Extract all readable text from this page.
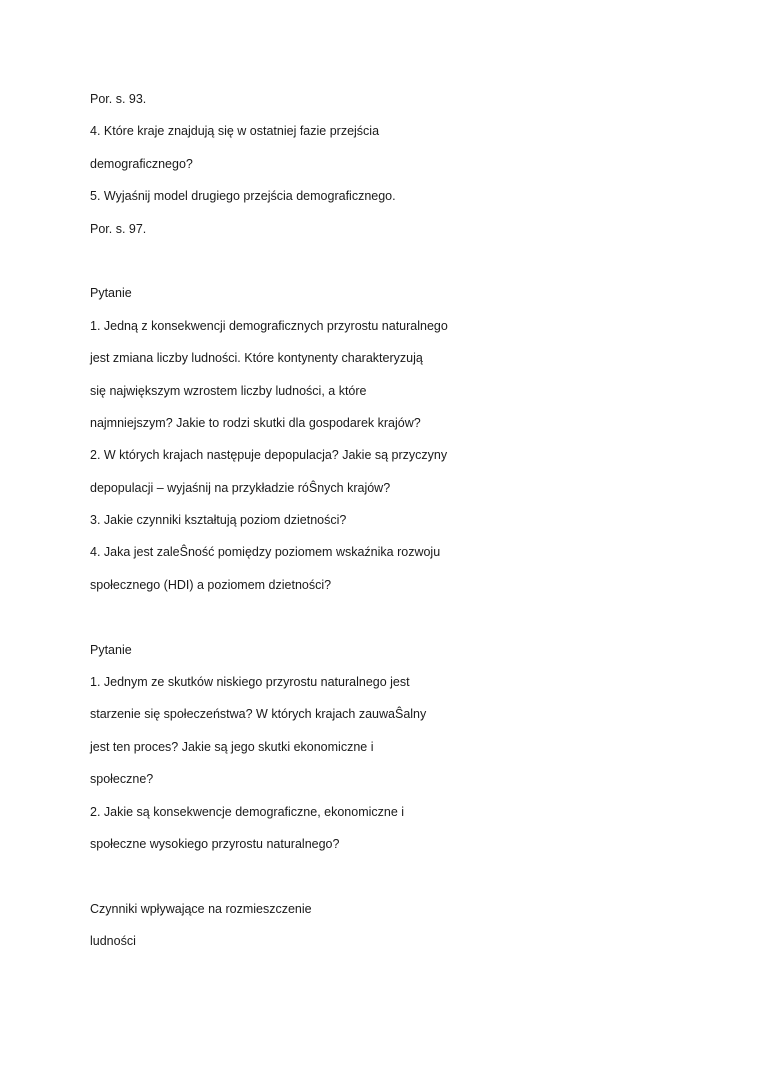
Por. s. 93.
4. Które kraje znajdują się w ostatniej fazie przejścia
demograficznego?
5. Wyjaśnij model drugiego przejścia demograficznego.
Por. s. 97.
Pytanie
1. Jedną z konsekwencji demograficznych przyrostu naturalnego
jest zmiana liczby ludności. Które kontynenty charakteryzują
się największym wzrostem liczby ludności, a które
najmniejszym? Jakie to rodzi skutki dla gospodarek krajów?
2. W których krajach następuje depopulacja? Jakie są przyczyny
depopulacji – wyjaśnij na przykładzie róŜnych krajów?
3. Jakie czynniki kształtują poziom dzietności?
4. Jaka jest zaleŜność pomiędzy poziomem wskaźnika rozwoju
społecznego (HDI) a poziomem dzietności?
Pytanie
1. Jednym ze skutków niskiego przyrostu naturalnego jest
starzenie się społeczeństwa? W których krajach zauwaŜalny
jest ten proces? Jakie są jego skutki ekonomiczne i
społeczne?
2. Jakie są konsekwencje demograficzne, ekonomiczne i
społeczne wysokiego przyrostu naturalnego?
Czynniki wpływające na rozmieszczenie
ludności
